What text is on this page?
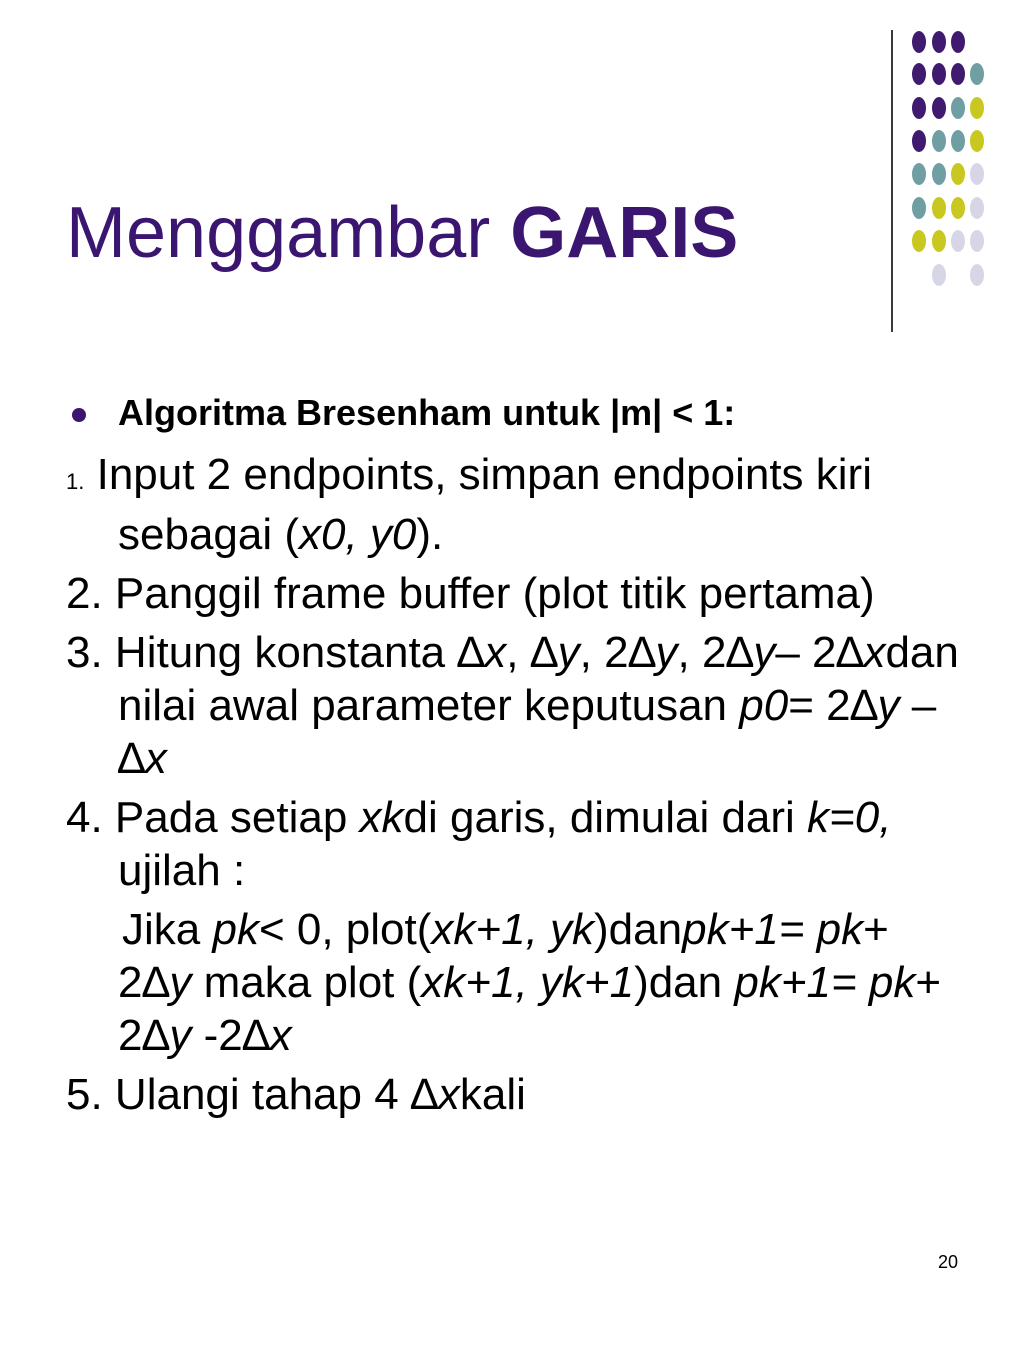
Menggambar GARIS
Algoritma Bresenham untuk |m| < 1:
1. Input 2 endpoints, simpan endpoints kiri sebagai (x0, y0).
2. Panggil frame buffer (plot titik pertama)
3. Hitung konstanta ∆x, ∆y, 2∆y, 2∆y– 2∆xdan nilai awal parameter keputusan p0= 2∆y –∆x
4. Pada setiap xkdi garis, dimulai dari k=0, ujilah :
Jika pk< 0, plot(xk+1, yk)danpk+1= pk+ 2∆y maka plot (xk+1, yk+1)dan pk+1= pk+ 2∆y -2∆x
5. Ulangi tahap 4 ∆xkali
20
